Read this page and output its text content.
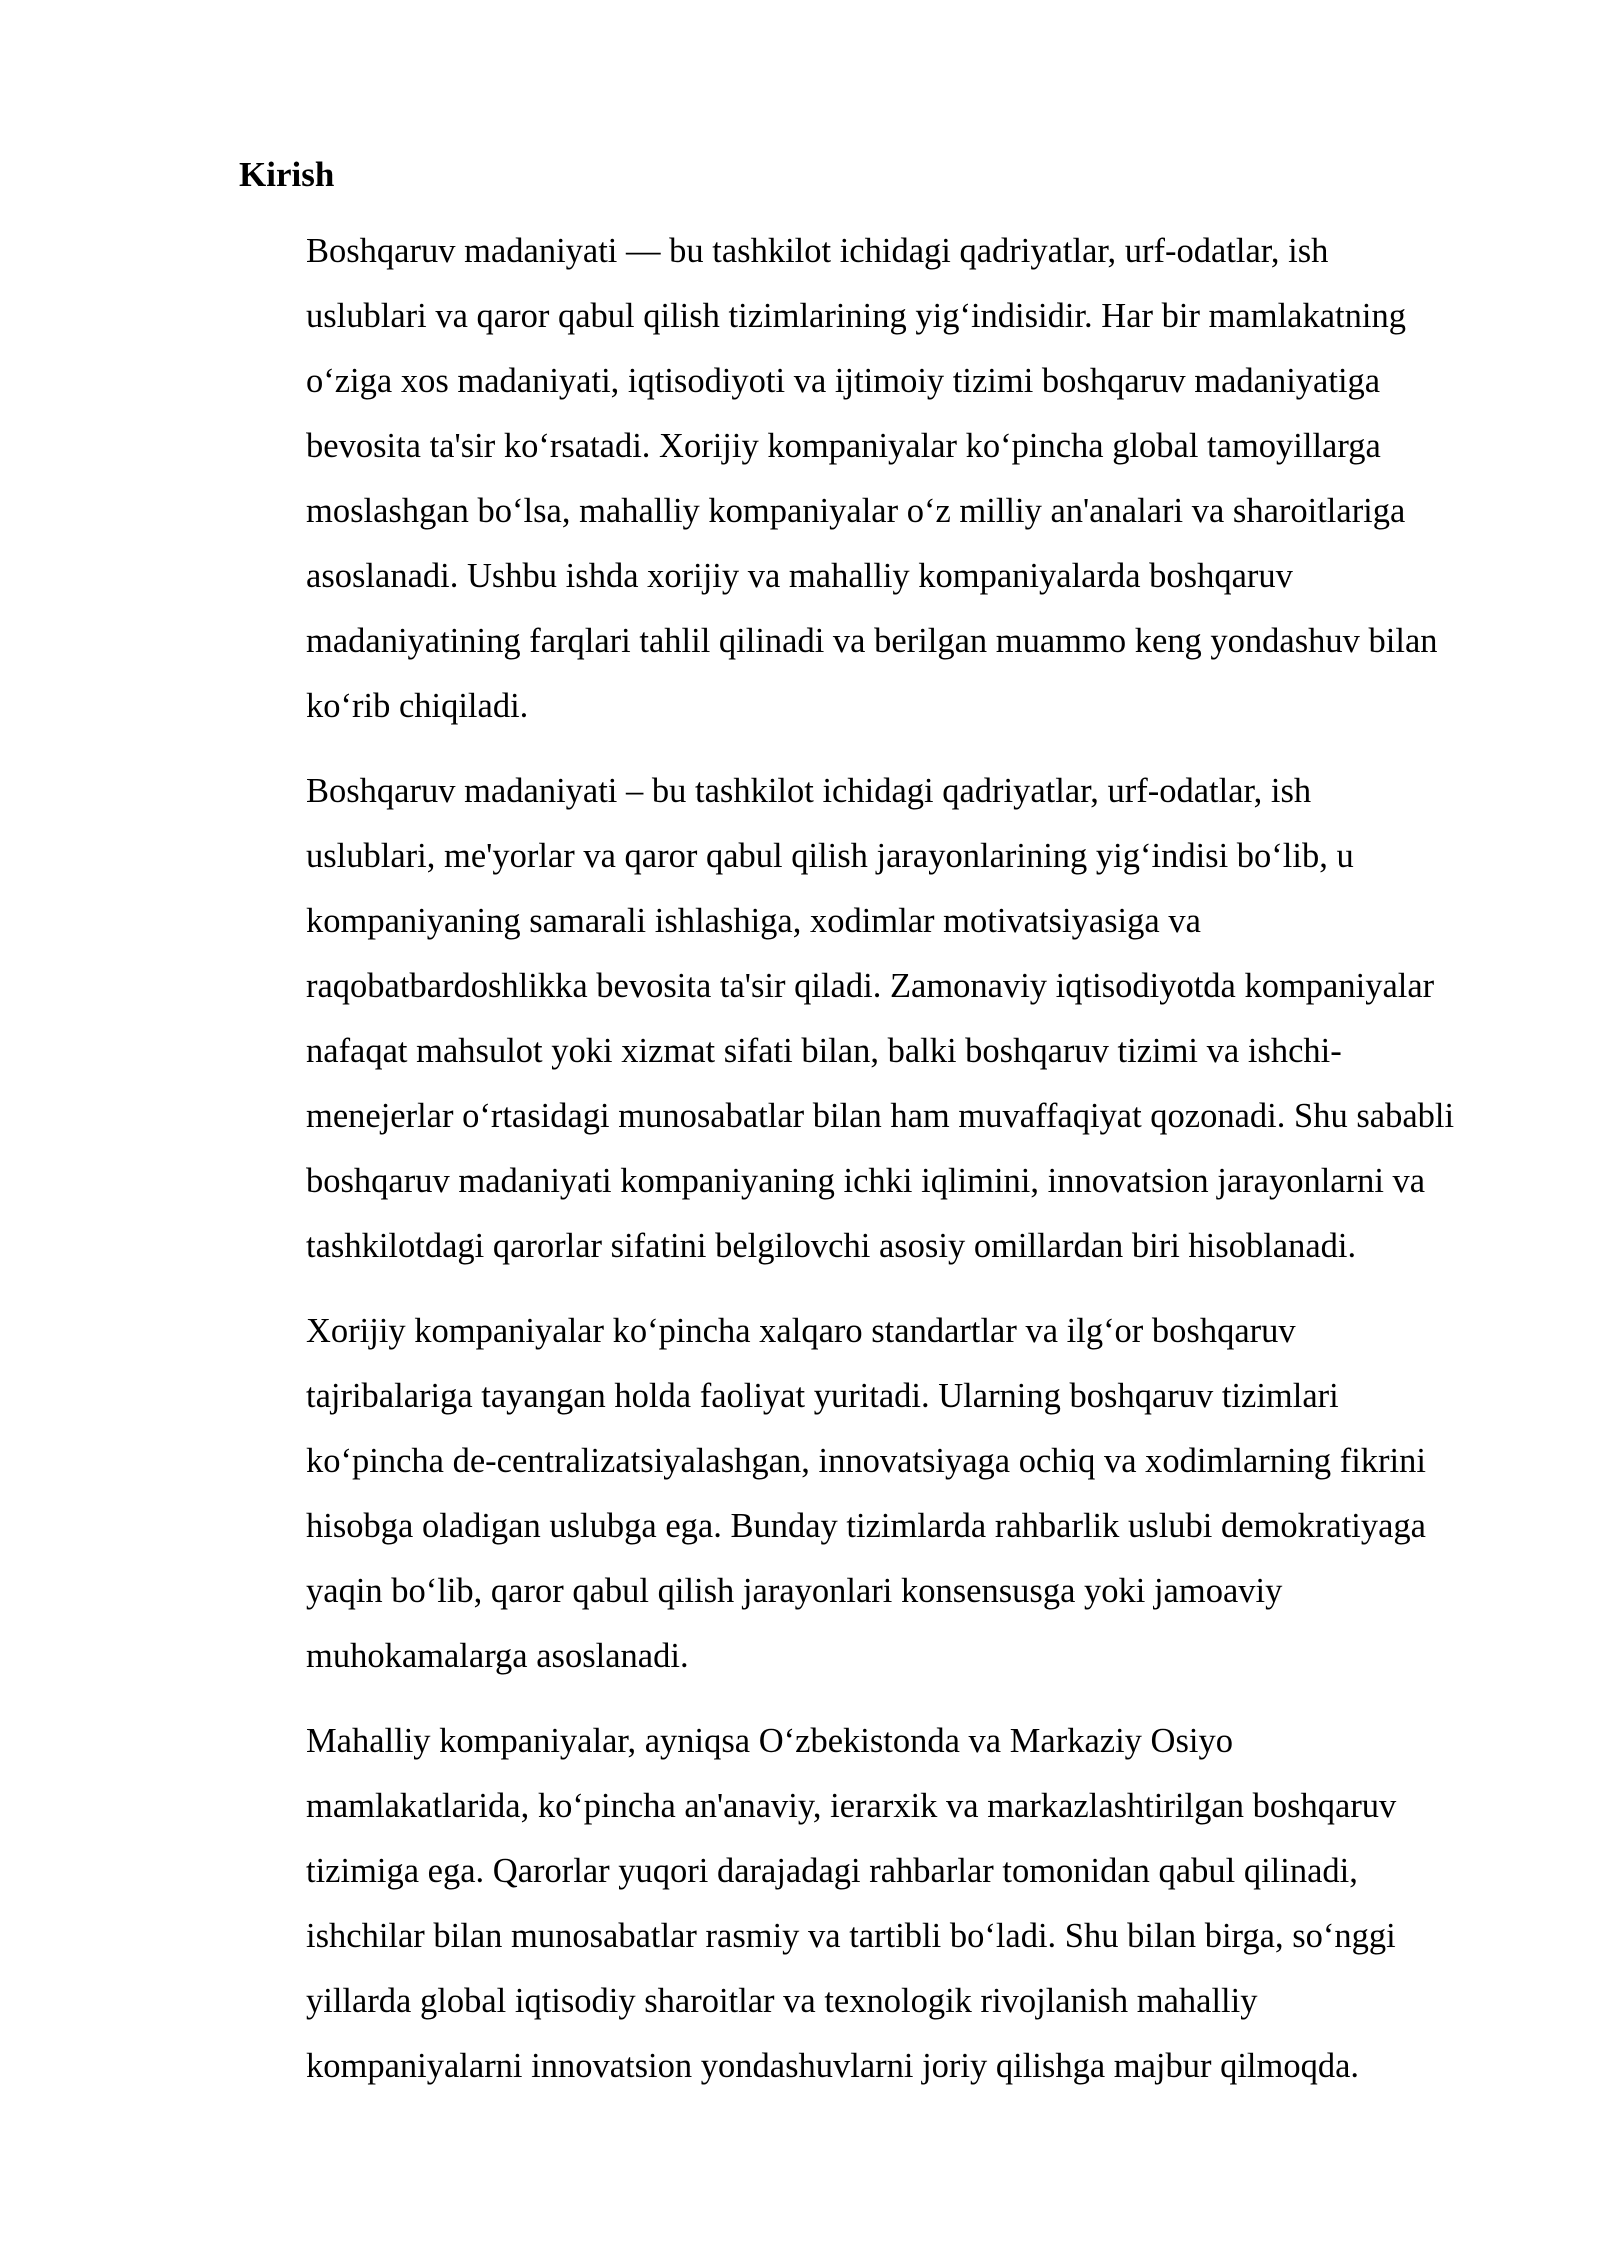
Kirish
Boshqaruv madaniyati — bu tashkilot ichidagi qadriyatlar, urf-odatlar, ish
uslublari va qaror qabul qilish tizimlarining yig‘indisidir. Har bir mamlakatning
o‘ziga xos madaniyati, iqtisodiyoti va ijtimoiy tizimi boshqaruv madaniyatiga
bevosita ta'sir ko‘rsatadi. Xorijiy kompaniyalar ko‘pincha global tamoyillarga
moslashgan bo‘lsa, mahalliy kompaniyalar o‘z milliy an'analari va sharoitlariga
asoslanadi. Ushbu ishda xorijiy va mahalliy kompaniyalarda boshqaruv
madaniyatining farqlari tahlil qilinadi va berilgan muammo keng yondashuv bilan
ko‘rib chiqiladi.
Boshqaruv madaniyati – bu tashkilot ichidagi qadriyatlar, urf-odatlar, ish
uslublari, me'yorlar va qaror qabul qilish jarayonlarining yig‘indisi bo‘lib, u
kompaniyaning samarali ishlashiga, xodimlar motivatsiyasiga va
raqobatbardoshlikka bevosita ta'sir qiladi. Zamonaviy iqtisodiyotda kompaniyalar
nafaqat mahsulot yoki xizmat sifati bilan, balki boshqaruv tizimi va ishchi-
menejerlar o‘rtasidagi munosabatlar bilan ham muvaffaqiyat qozonadi. Shu sababli
boshqaruv madaniyati kompaniyaning ichki iqlimini, innovatsion jarayonlarni va
tashkilotdagi qarorlar sifatini belgilovchi asosiy omillardan biri hisoblanadi.
Xorijiy kompaniyalar ko‘pincha xalqaro standartlar va ilg‘or boshqaruv
tajribalariga tayangan holda faoliyat yuritadi. Ularning boshqaruv tizimlari
ko‘pincha de-centralizatsiyalashgan, innovatsiyaga ochiq va xodimlarning fikrini
hisobga oladigan uslubga ega. Bunday tizimlarda rahbarlik uslubi demokratiyaga
yaqin bo‘lib, qaror qabul qilish jarayonlari konsensusga yoki jamoaviy
muhokamalarga asoslanadi.
Mahalliy kompaniyalar, ayniqsa O‘zbekistonda va Markaziy Osiyo
mamlakatlarida, ko‘pincha an'anaviy, ierarxik va markazlashtirilgan boshqaruv
tizimiga ega. Qarorlar yuqori darajadagi rahbarlar tomonidan qabul qilinadi,
ishchilar bilan munosabatlar rasmiy va tartibli bo‘ladi. Shu bilan birga, so‘nggi
yillarda global iqtisodiy sharoitlar va texnologik rivojlanish mahalliy
kompaniyalarni innovatsion yondashuvlarni joriy qilishga majbur qilmoqda.
